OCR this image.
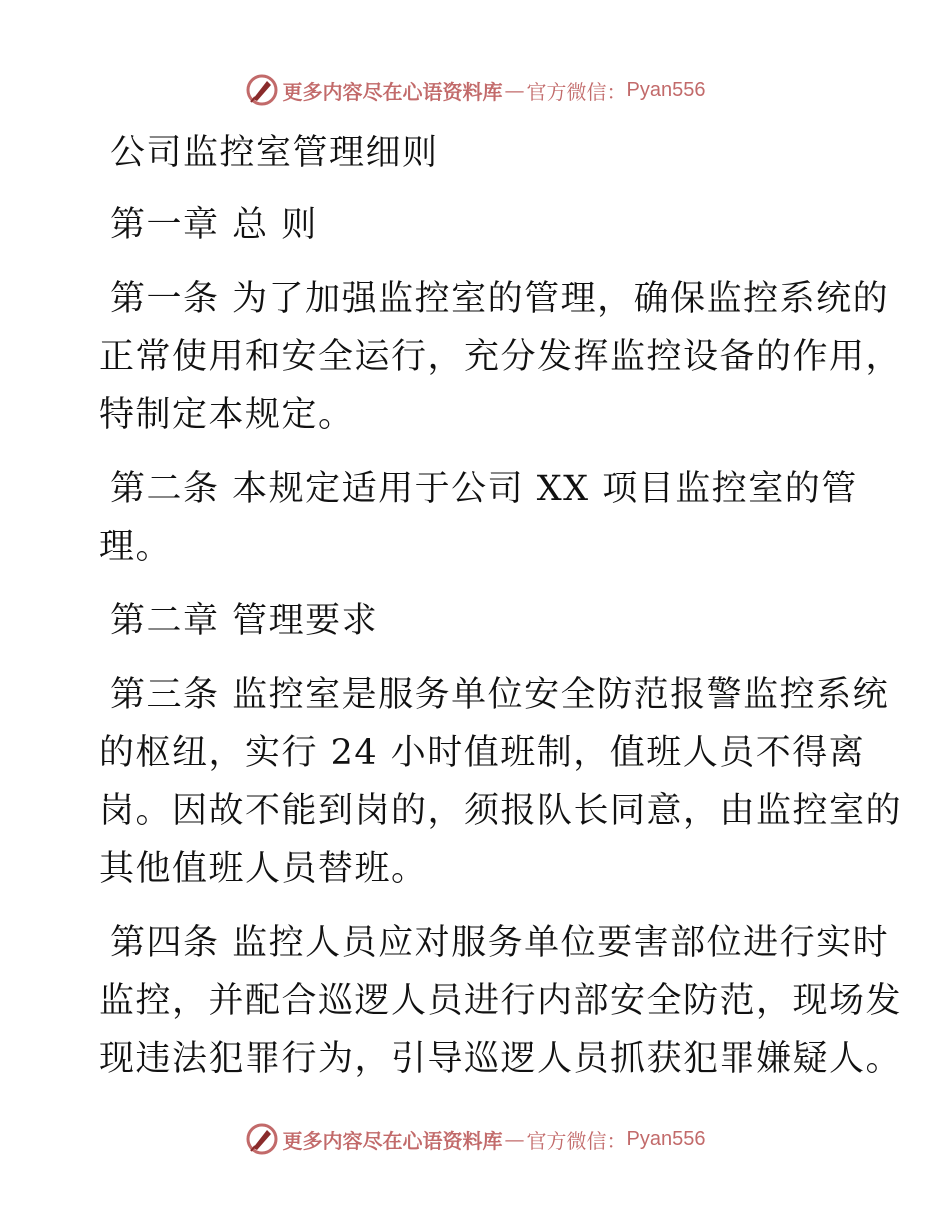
更多内容尽在心语资料库 — 官方微信： Pyan556
公司监控室管理细则
第一章 总 则
第一条 为了加强监控室的管理，确保监控系统的
正常使用和安全运行，充分发挥监控设备的作用，
特制定本规定。
第二条 本规定适用于公司 XX 项目监控室的管
理。
第二章 管理要求
第三条 监控室是服务单位安全防范报警监控系统
的枢纽，实行 24 小时值班制，值班人员不得离
岗。因故不能到岗的，须报队长同意，由监控室的
其他值班人员替班。
第四条 监控人员应对服务单位要害部位进行实时
监控，并配合巡逻人员进行内部安全防范，现场发
现违法犯罪行为，引导巡逻人员抓获犯罪嫌疑人。
更多内容尽在心语资料库 — 官方微信： Pyan556
